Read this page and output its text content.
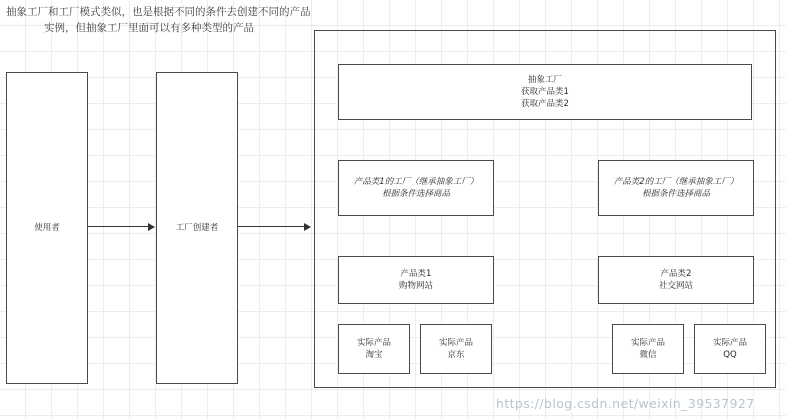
抽象工厂和工厂模式类似，也是根据不同的条件去创建不同的产品
实例，但抽象工厂里面可以有多种类型的产品
使用者	工厂创建者
抽象工厂
获取产品类1
获取产品类2
产品类1的工厂（继承抽象工厂）
根据条件选择商品
产品类2的工厂（继承抽象工厂）
根据条件选择商品
产品类1
购物网站
产品类2
社交网站
实际产品
淘宝
实际产品
京东
实际产品
微信
实际产品
QQ
https://blog.csdn.net/weixin_39537927
